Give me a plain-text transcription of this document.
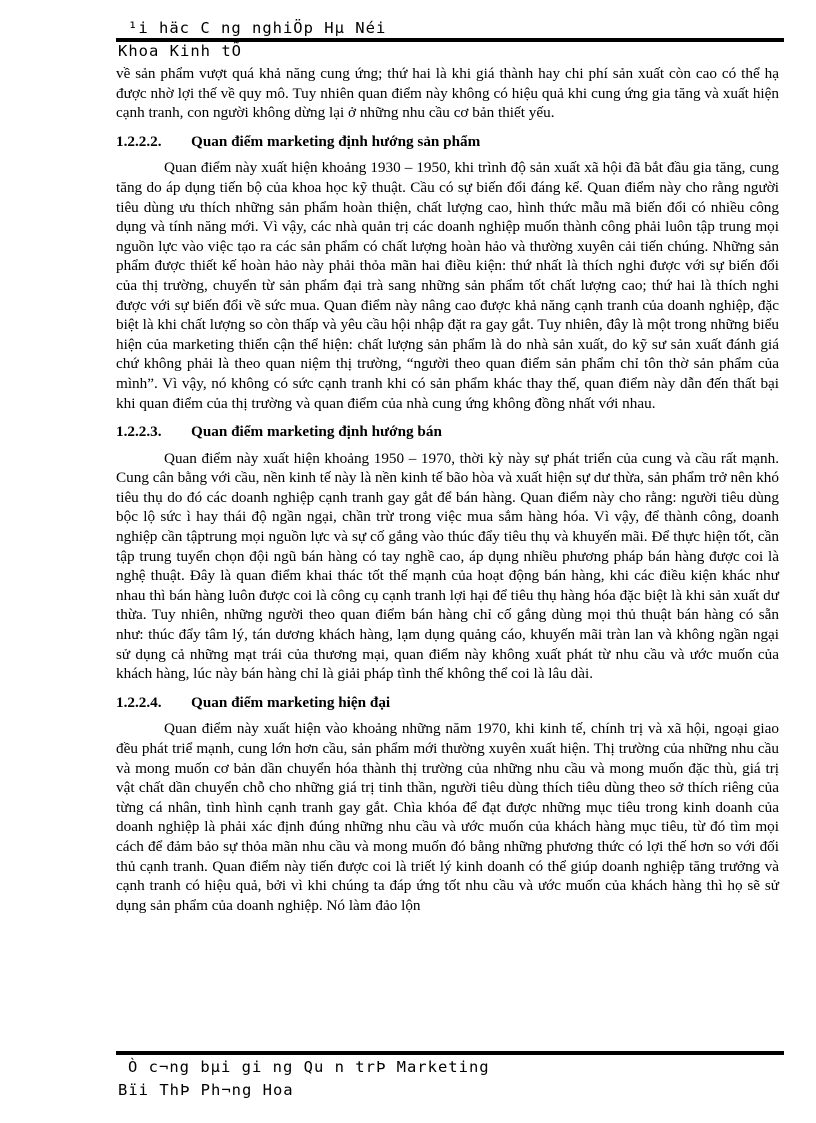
¹i häc C ng nghiÖp Hµ Néi
Khoa Kinh tÕ

về sản phẩm vượt quá khả năng cung ứng; thứ hai là khi giá thành hay chi phí sản xuất còn cao có thể hạ được nhờ lợi thế về quy mô. Tuy nhiên quan điểm này không có hiệu quả khi cung ứng gia tăng và xuất hiện cạnh tranh, con người không dừng lại ở những nhu cầu cơ bản thiết yếu.

1.2.2.2. Quan điểm marketing định hướng sản phẩm

Quan điểm này xuất hiện khoảng 1930 – 1950, khi trình độ sản xuất xã hội đã bắt đầu gia tăng, cung tăng do áp dụng tiến bộ của khoa học kỹ thuật. Cầu có sự biến đổi đáng kể. Quan điểm này cho rằng người tiêu dùng ưu thích những sản phẩm hoàn thiện, chất lượng cao, hình thức mẫu mã biến đổi có nhiều công dụng và tính năng mới. Vì vậy, các nhà quản trị các doanh nghiệp muốn thành công phải luôn tập trung mọi nguồn lực vào việc tạo ra các sản phẩm có chất lượng hoàn hảo và thường xuyên cải tiến chúng. Những sản phẩm được thiết kế hoàn hảo này phải thỏa mãn hai điều kiện: thứ nhất là thích nghi được với sự biến đổi của thị trường, chuyển từ sản phẩm đại trà sang những sản phẩm tốt chất lượng cao; thứ hai là thích nghi được với sự biến đổi về sức mua. Quan điểm này nâng cao được khả năng cạnh tranh của doanh nghiệp, đặc biệt là khi chất lượng so còn thấp và yêu cầu hội nhập đặt ra gay gắt. Tuy nhiên, đây là một trong những biểu hiện của marketing thiển cận thể hiện: chất lượng sản phẩm là do nhà sản xuất, do kỹ sư sản xuất đánh giá chứ không phải là theo quan niệm thị trường, “người theo quan điểm sản phẩm chỉ tôn thờ sản phẩm của mình”. Vì vậy, nó không có sức cạnh tranh khi có sản phẩm khác thay thế, quan điểm này dẫn đến thất bại khi quan điểm của thị trường và quan điểm của nhà cung ứng không đồng nhất với nhau.

1.2.2.3. Quan điểm marketing định hướng bán

Quan điểm này xuất hiện khoảng 1950 – 1970, thời kỳ này sự phát triển của cung và cầu rất mạnh. Cung cân bằng với cầu, nền kinh tế này là nền kinh tế bão hòa và xuất hiện sự dư thừa, sản phẩm trở nên khó tiêu thụ do đó các doanh nghiệp cạnh tranh gay gắt để bán hàng. Quan điểm này cho rằng: người tiêu dùng bộc lộ sức ì hay thái độ ngần ngại, chần trừ trong việc mua sắm hàng hóa. Vì vậy, để thành công, doanh nghiệp cần tậptrung mọi nguồn lực và sự cố gắng vào thúc đẩy tiêu thụ và khuyến mãi. Để thực hiện tốt, cần tập trung tuyển chọn đội ngũ bán hàng có tay nghề cao, áp dụng nhiều phương pháp bán hàng được coi là nghệ thuật. Đây là quan điểm khai thác tốt thế mạnh của hoạt động bán hàng, khi các điều kiện khác như nhau thì bán hàng luôn được coi là công cụ cạnh tranh lợi hại để tiêu thụ hàng hóa đặc biệt là khi sản xuất dư thừa. Tuy nhiên, những người theo quan điểm bán hàng chỉ cố gắng dùng mọi thủ thuật bán hàng có sẵn như: thúc đẩy tâm lý, tán dương khách hàng, lạm dụng quảng cáo, khuyến mãi tràn lan và không ngần ngại sử dụng cả những mạt trái của thương mại, quan điểm này không xuất phát từ nhu cầu và ước muốn của khách hàng, lúc này bán hàng chỉ là giải pháp tình thế không thể coi là lâu dài.

1.2.2.4. Quan điểm marketing hiện đại

Quan điểm này xuất hiện vào khoảng những năm 1970, khi kinh tế, chính trị và xã hội, ngoại giao đều phát triể mạnh, cung lớn hơn cầu, sản phẩm mới thường xuyên xuất hiện. Thị trường của những nhu cầu và mong muốn cơ bản dần chuyển hóa thành thị trường của những nhu cầu và mong muốn đặc thù, giá trị vật chất dần chuyển chỗ cho những giá trị tinh thần, người tiêu dùng thích tiêu dùng theo sở thích riêng của từng cá nhân, tình hình cạnh tranh gay gắt. Chìa khóa để đạt được những mục tiêu trong kinh doanh của doanh nghiệp là phải xác định đúng những nhu cầu và ước muốn của khách hàng mục tiêu, từ đó tìm mọi cách để đảm bảo sự thỏa mãn nhu cầu và mong muốn đó bằng những phương thức có lợi thế hơn so với đối thủ cạnh tranh. Quan điểm này tiến được coi là triết lý kinh doanh có thể giúp doanh nghiệp tăng trưởng và cạnh tranh có hiệu quả, bởi vì khi chúng ta đáp ứng tốt nhu cầu và ước muốn của khách hàng thì họ sẽ sử dụng sản phẩm của doanh nghiệp. Nó làm đảo lộn

Ò c¬ng bµi gi ng Qu n trÞ Marketing
Bïi ThÞ Ph¬ng Hoa
